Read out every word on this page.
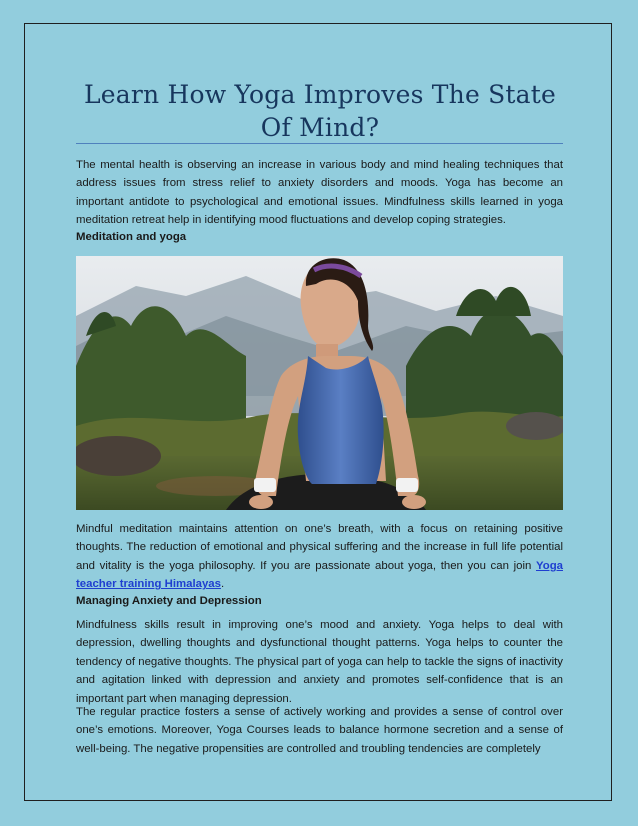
Learn How Yoga Improves The State Of Mind?

The mental health is observing an increase in various body and mind healing techniques that address issues from stress relief to anxiety disorders and moods. Yoga has become an important antidote to psychological and emotional issues. Mindfulness skills learned in yoga meditation retreat help in identifying mood fluctuations and develop coping strategies.

Meditation and yoga

Mindful meditation maintains attention on one’s breath, with a focus on retaining positive thoughts. The reduction of emotional and physical suffering and the increase in full life potential and vitality is the yoga philosophy. If you are passionate about yoga, then you can join Yoga teacher training Himalayas.

Managing Anxiety and Depression

Mindfulness skills result in improving one’s mood and anxiety. Yoga helps to deal with depression, dwelling thoughts and dysfunctional thought patterns. Yoga helps to counter the tendency of negative thoughts. The physical part of yoga can help to tackle the signs of inactivity and agitation linked with depression and anxiety and promotes self-confidence that is an important part when managing depression.

The regular practice fosters a sense of actively working and provides a sense of control over one’s emotions. Moreover, Yoga Courses leads to balance hormone secretion and a sense of well-being. The negative propensities are controlled and troubling tendencies are completely
